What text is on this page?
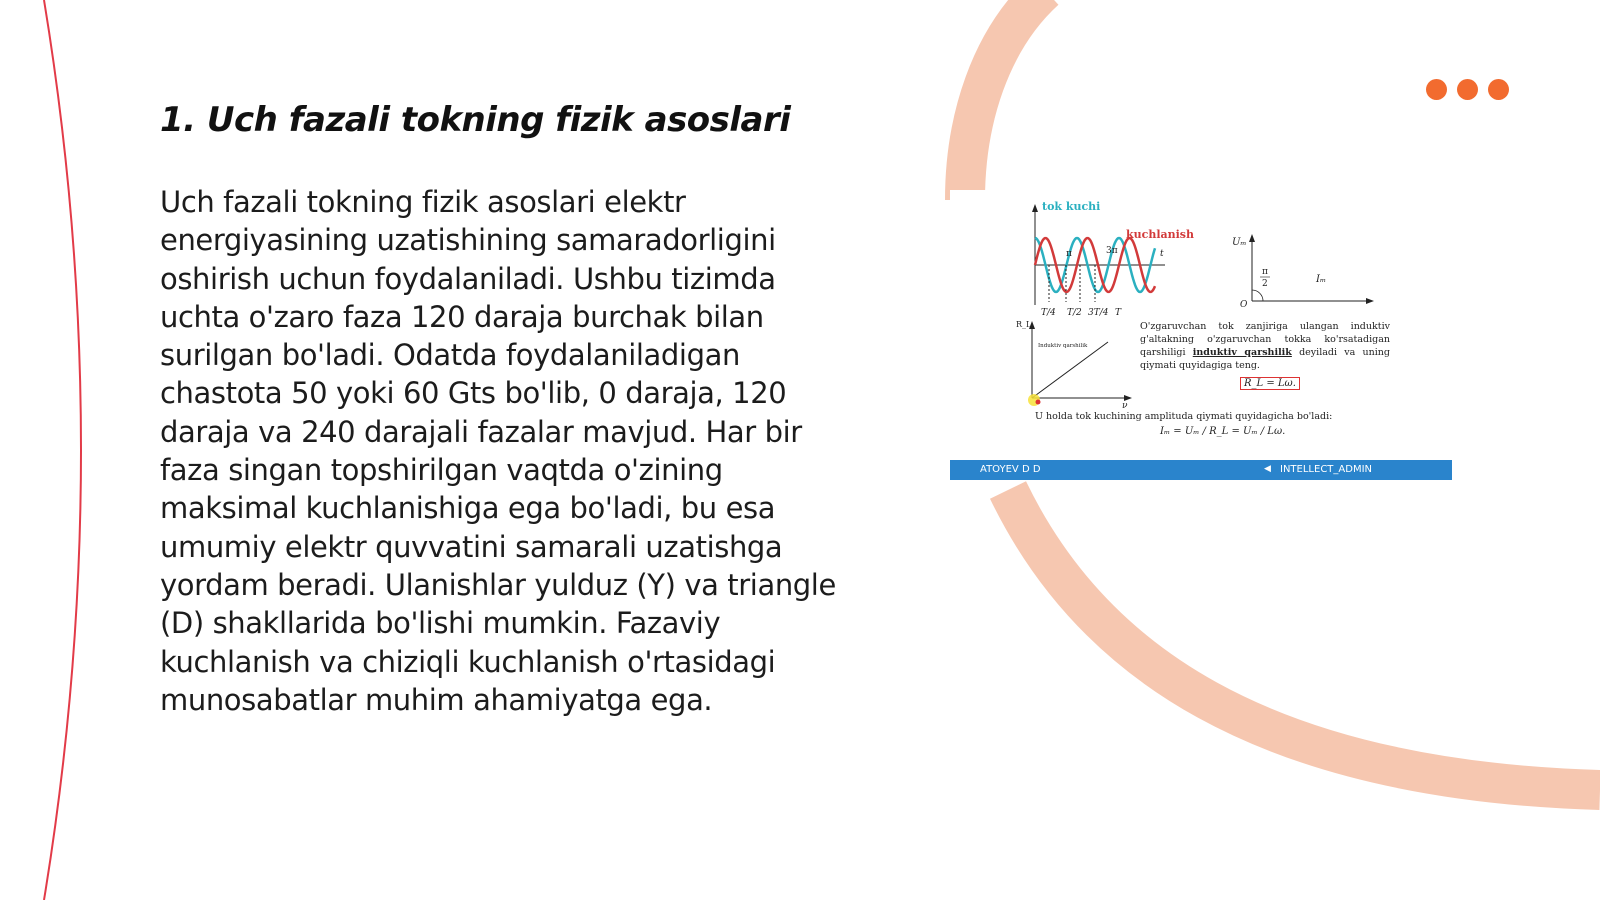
1. Uch fazali tokning fizik asoslari

Uch fazali tokning fizik asoslari elektr energiyasining uzatishining samaradorligini oshirish uchun foydalaniladi. Ushbu tizimda uchta o'zaro faza 120 daraja burchak bilan surilgan bo'ladi. Odatda foydalaniladigan chastota 50 yoki 60 Gts bo'lib, 0 daraja, 120 daraja va 240 darajali fazalar mavjud. Har bir faza singan topshirilgan vaqtda o'zining maksimal kuchlanishiga ega bo'ladi, bu esa umumiy elektr quvvatini samarali uzatishga yordam beradi. Ulanishlar yulduz (Y) va triangle (D) shakllarida bo'lishi mumkin. Fazaviy kuchlanish va chiziqli kuchlanish o'rtasidagi munosabatlar muhim ahamiyatga ega.

tok kuchi
kuchlanish
t
π	3π
T/4 T/2 3T/4 T
Uₘ
Iₘ
O
π
2
R_L
ν
Induktiv qarshilik

O'zgaruvchan tok zanjiriga ulangan induktiv g'altakning o'zgaruvchan tokka ko'rsatadigan qarshiligi induktiv qarshilik deyiladi va uning qiymati quyidagiga teng.

R_L = Lω.

U holda tok kuchining amplituda qiymati quyidagicha bo'ladi:

Iₘ = Uₘ / R_L = Uₘ / Lω.
ATOYEV D D	◀ INTELLECT_ADMIN
